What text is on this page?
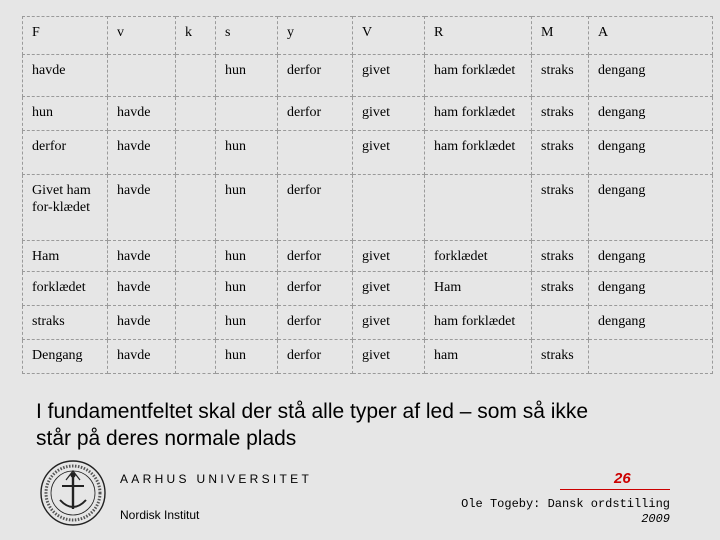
F	v	k	s	y	V	R	M	A
havde			hun	derfor	givet	ham forklædet	straks	dengang
hun	havde			derfor	givet	ham forklædet	straks	dengang
derfor	havde		hun		givet	ham forklædet	straks	dengang
Givet ham for-klædet	havde		hun	derfor			straks	dengang
Ham	havde		hun	derfor	givet	forklædet	straks	dengang
forklædet	havde		hun	derfor	givet	Ham	straks	dengang
straks	havde		hun	derfor	givet	ham forklædet		dengang
Dengang	havde		hun	derfor	givet	ham	straks	
I fundamentfeltet skal der stå alle typer af led – som så ikke står på deres normale plads
AARHUS UNIVERSITET
Nordisk Institut
26
Ole Togeby: Dansk ordstilling
2009
